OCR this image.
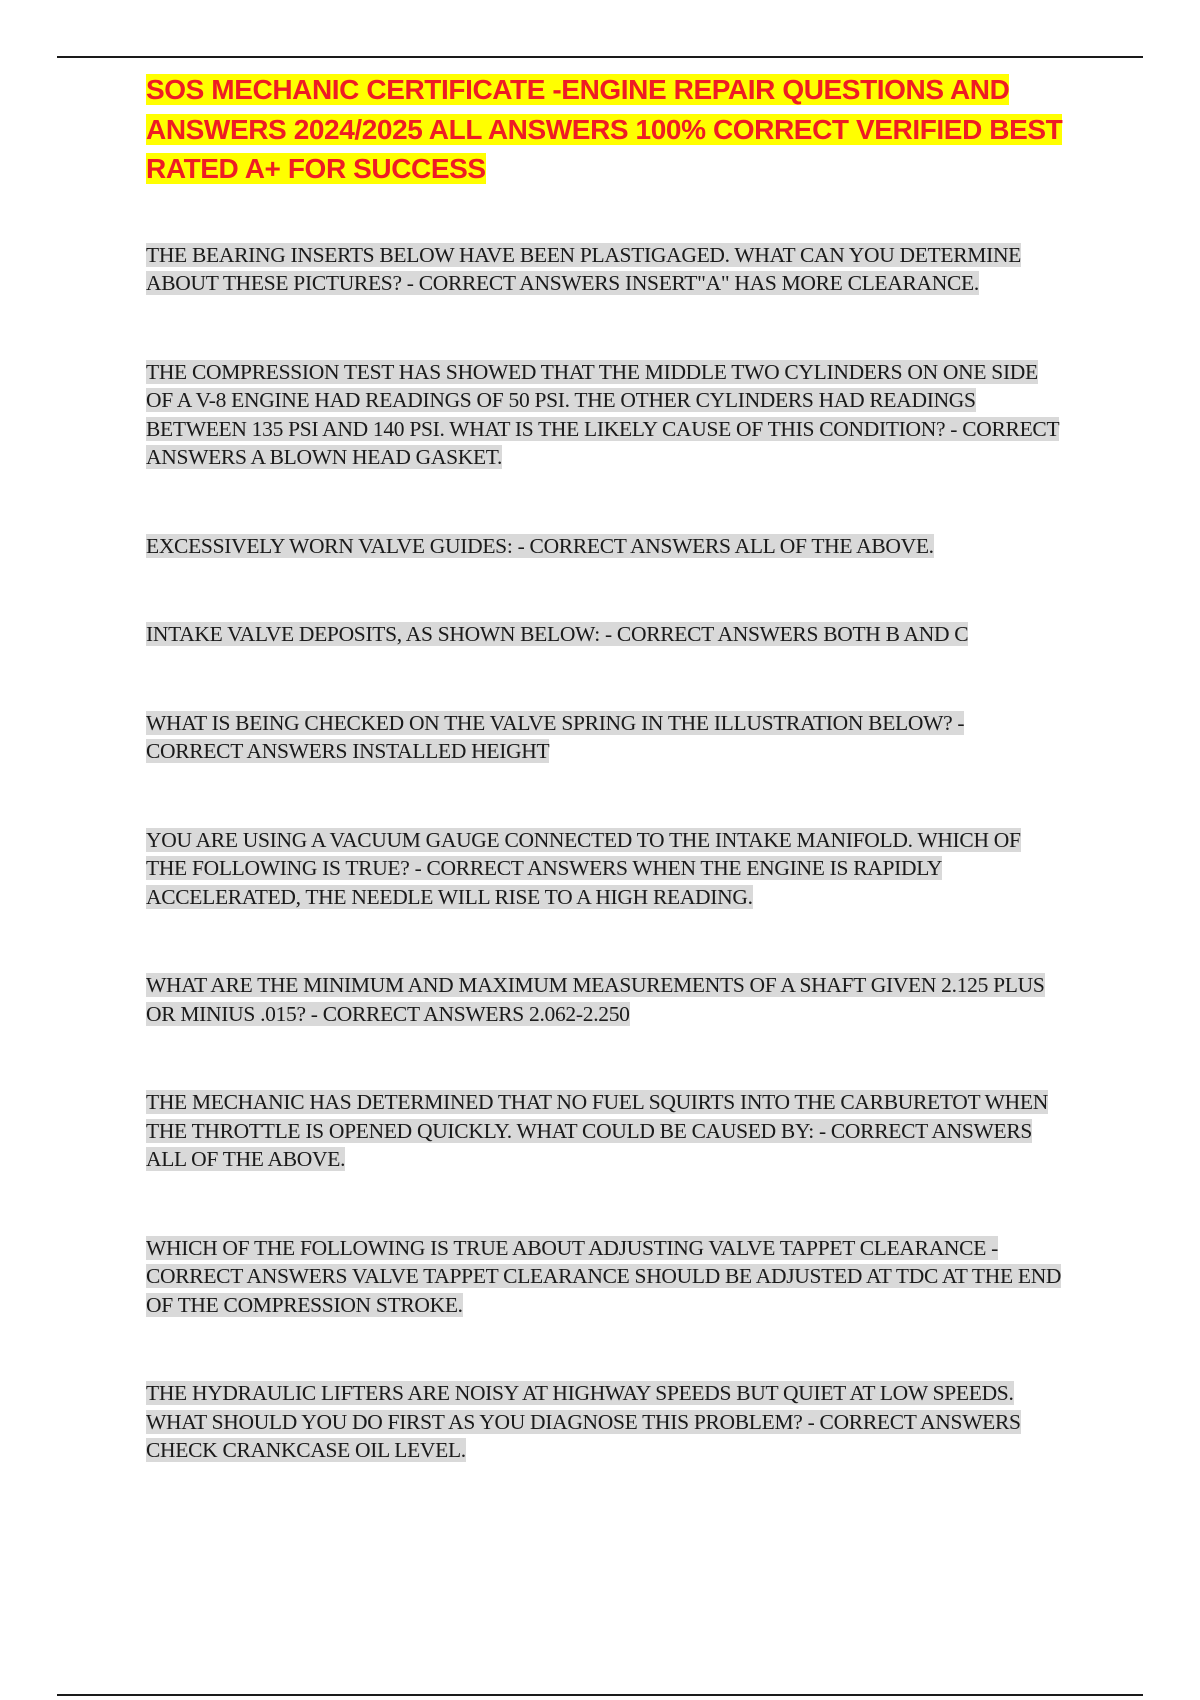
SOS MECHANIC CERTIFICATE -ENGINE REPAIR QUESTIONS AND ANSWERS 2024/2025 ALL ANSWERS 100% CORRECT VERIFIED BEST RATED A+ FOR SUCCESS

THE BEARING INSERTS BELOW HAVE BEEN PLASTIGAGED. WHAT CAN YOU DETERMINE ABOUT THESE PICTURES? - CORRECT ANSWERS INSERT"A" HAS MORE CLEARANCE.

THE COMPRESSION TEST HAS SHOWED THAT THE MIDDLE TWO CYLINDERS ON ONE SIDE OF A V-8 ENGINE HAD READINGS OF 50 PSI. THE OTHER CYLINDERS HAD READINGS BETWEEN 135 PSI AND 140 PSI. WHAT IS THE LIKELY CAUSE OF THIS CONDITION? - CORRECT ANSWERS A BLOWN HEAD GASKET.

EXCESSIVELY WORN VALVE GUIDES: - CORRECT ANSWERS ALL OF THE ABOVE.

INTAKE VALVE DEPOSITS, AS SHOWN BELOW: - CORRECT ANSWERS BOTH B AND C

WHAT IS BEING CHECKED ON THE VALVE SPRING IN THE ILLUSTRATION BELOW? - CORRECT ANSWERS INSTALLED HEIGHT

YOU ARE USING A VACUUM GAUGE CONNECTED TO THE INTAKE MANIFOLD. WHICH OF THE FOLLOWING IS TRUE? - CORRECT ANSWERS WHEN THE ENGINE IS RAPIDLY ACCELERATED, THE NEEDLE WILL RISE TO A HIGH READING.

WHAT ARE THE MINIMUM AND MAXIMUM MEASUREMENTS OF A SHAFT GIVEN 2.125 PLUS OR MINIUS .015? - CORRECT ANSWERS 2.062-2.250

THE MECHANIC HAS DETERMINED THAT NO FUEL SQUIRTS INTO THE CARBURETOT WHEN THE THROTTLE IS OPENED QUICKLY. WHAT COULD BE CAUSED BY: - CORRECT ANSWERS ALL OF THE ABOVE.

WHICH OF THE FOLLOWING IS TRUE ABOUT ADJUSTING VALVE TAPPET CLEARANCE - CORRECT ANSWERS VALVE TAPPET CLEARANCE SHOULD BE ADJUSTED AT TDC AT THE END OF THE COMPRESSION STROKE.

THE HYDRAULIC LIFTERS ARE NOISY AT HIGHWAY SPEEDS BUT QUIET AT LOW SPEEDS. WHAT SHOULD YOU DO FIRST AS YOU DIAGNOSE THIS PROBLEM? - CORRECT ANSWERS CHECK CRANKCASE OIL LEVEL.
